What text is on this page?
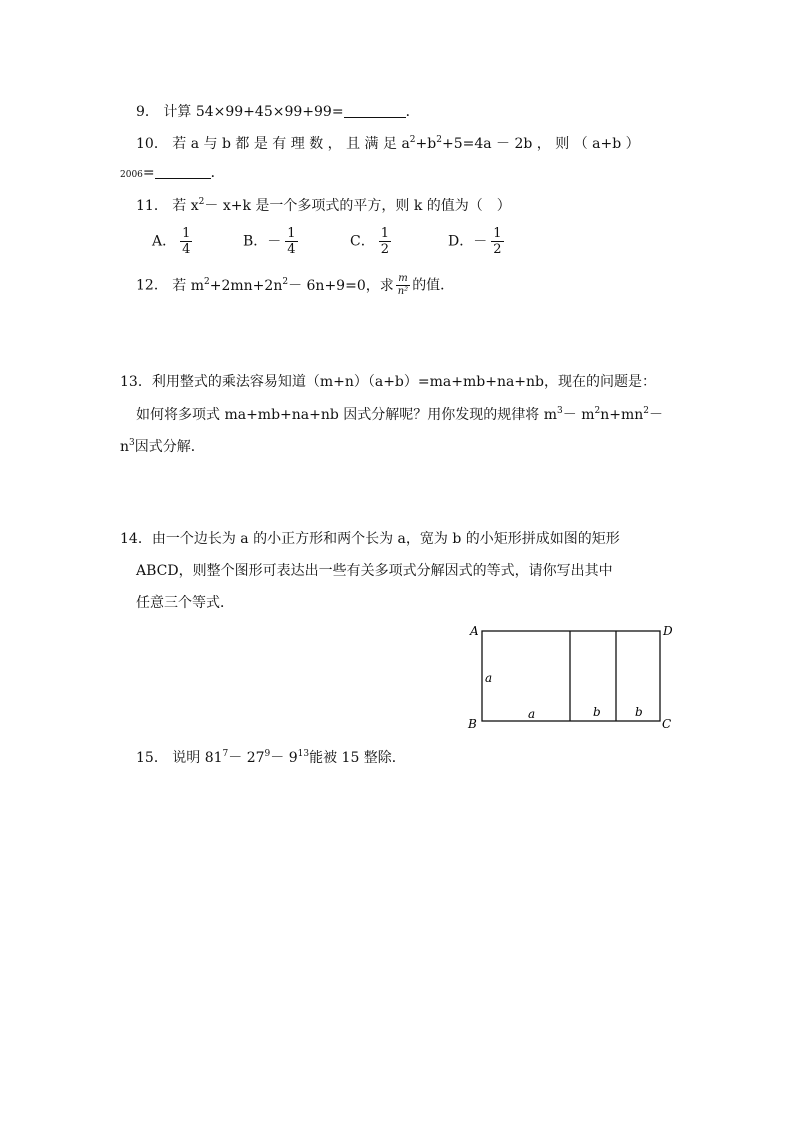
9． 计算 54×99+45×99+99=	．
10． 若 a 与 b 都 是 有 理 数 ， 且 满 足 $a^2+b^2+5=4a - 2b$ ， 则 （ a+b ）
2006=	．
11． 若 $x^2- x+k$ 是一个多项式的平方，则 k 的值为（　）
A． $\frac{1}{4}$	B．－ $\frac{1}{4}$	C． $\frac{1}{2}$	D．－ $\frac{1}{2}$
12． 若 $m^2+2mn+2n^2- 6n+9=0$，求 $\frac{m}{\text{n²}}$ 的值．
13．利用整式的乘法容易知道（m+n）（a+b）=ma+mb+na+nb，现在的问题是：
如何将多项式 ma+mb+na+nb 因式分解呢？用你发现的规律将 $m^3- m^2n+mn^2-$
$n^3$因式分解．
14．由一个边长为 a 的小正方形和两个长为 a，宽为 b 的小矩形拼成如图的矩形
ABCD，则整个图形可表达出一些有关多项式分解因式的等式，请你写出其中
任意三个等式．
A
B	C
D
a
a	b	b
15． 说明 $81^7- 27^9- 9^{13}$能被 15 整除．
